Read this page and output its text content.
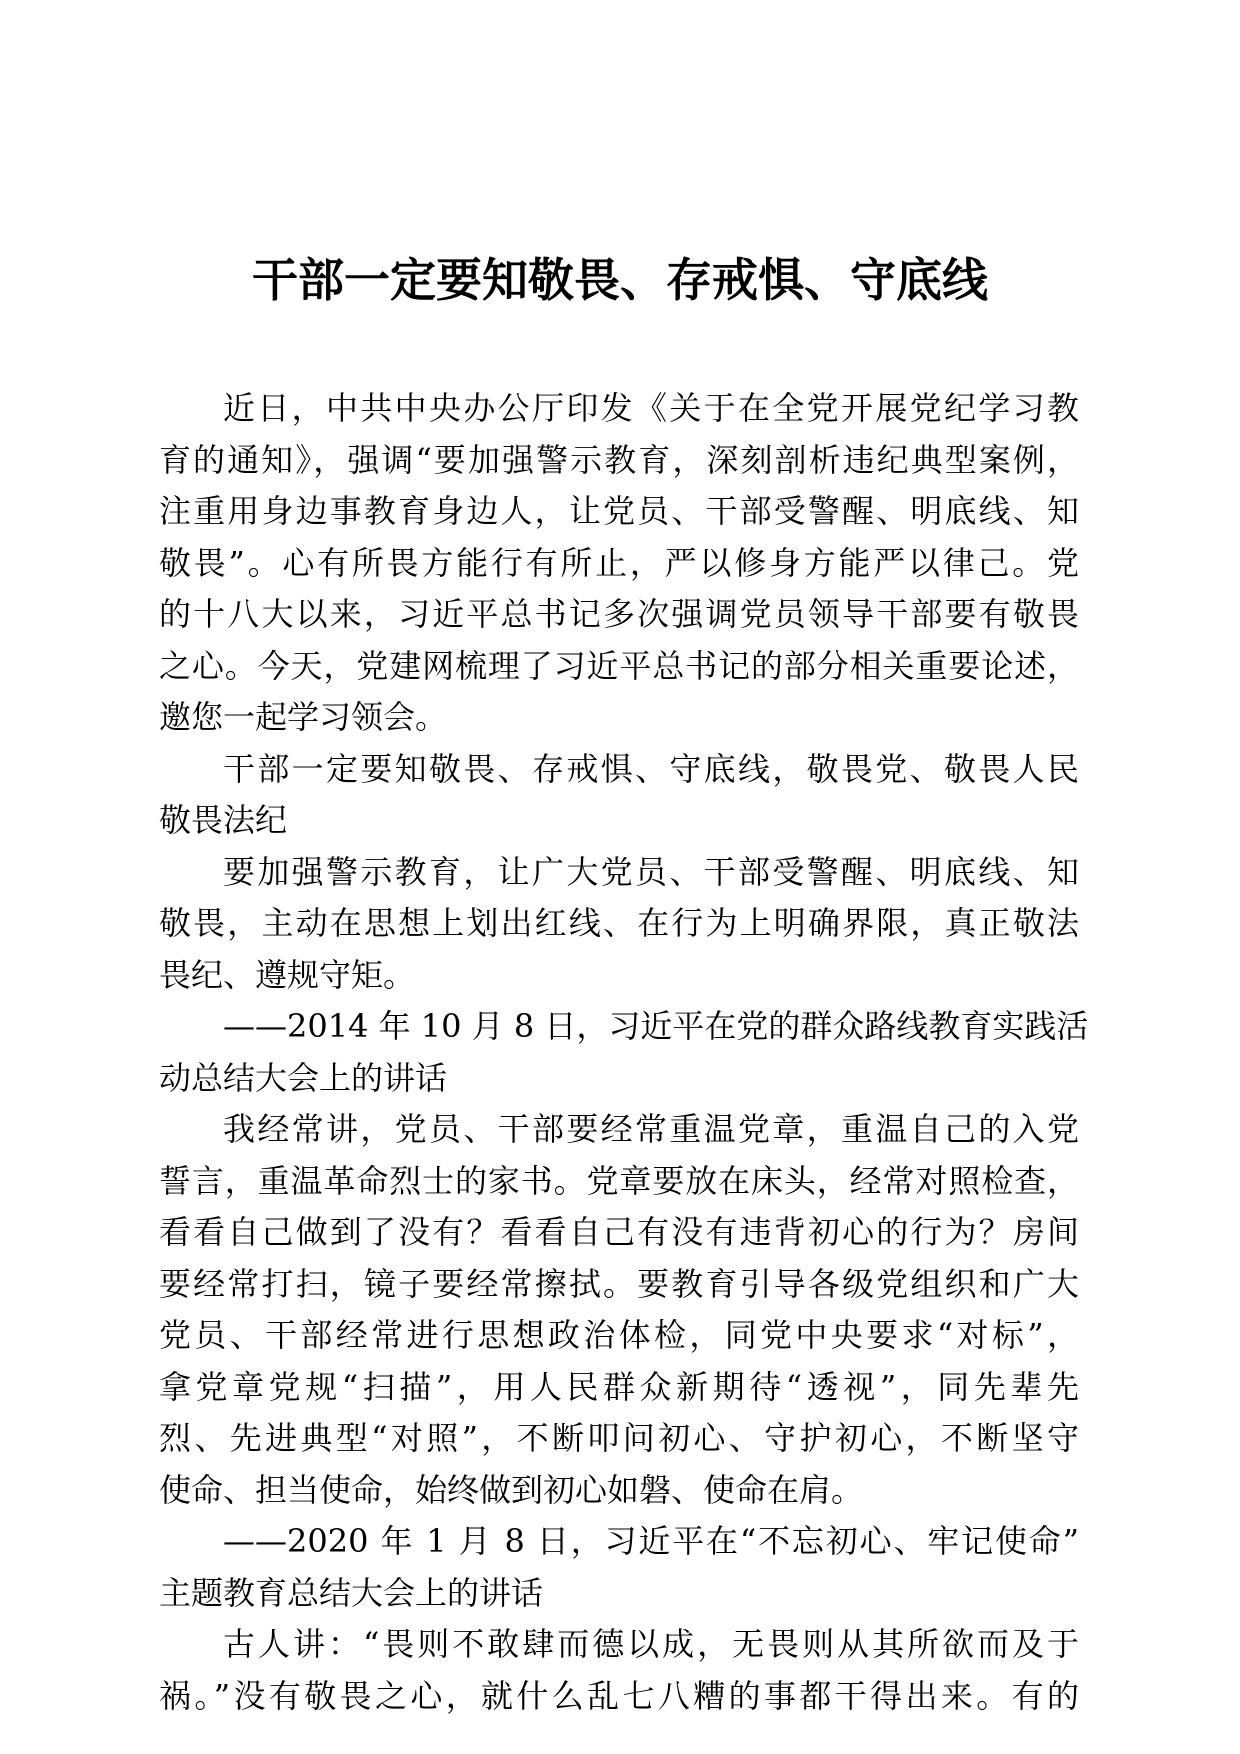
干部一定要知敬畏、存戒惧、守底线
近日，中共中央办公厅印发《关于在全党开展党纪学习教
育的通知》，强调“要加强警示教育，深刻剖析违纪典型案例，
注重用身边事教育身边人，让党员、干部受警醒、明底线、知
敬畏”。心有所畏方能行有所止，严以修身方能严以律己。党
的十八大以来，习近平总书记多次强调党员领导干部要有敬畏
之心。今天，党建网梳理了习近平总书记的部分相关重要论述，
邀您一起学习领会。
干部一定要知敬畏、存戒惧、守底线，敬畏党、敬畏人民
敬畏法纪
要加强警示教育，让广大党员、干部受警醒、明底线、知
敬畏，主动在思想上划出红线、在行为上明确界限，真正敬法
畏纪、遵规守矩。
——2014 年 10 月 8 日，习近平在党的群众路线教育实践活
动总结大会上的讲话
我经常讲，党员、干部要经常重温党章，重温自己的入党
誓言，重温革命烈士的家书。党章要放在床头，经常对照检查，
看看自己做到了没有？看看自己有没有违背初心的行为？房间
要经常打扫，镜子要经常擦拭。要教育引导各级党组织和广大
党员、干部经常进行思想政治体检，同党中央要求“对标”，
拿党章党规“扫描”，用人民群众新期待“透视”，同先辈先
烈、先进典型“对照”，不断叩问初心、守护初心，不断坚守
使命、担当使命，始终做到初心如磐、使命在肩。
——2020 年 1 月 8 日，习近平在“不忘初心、牢记使命”
主题教育总结大会上的讲话
古人讲：“畏则不敢肆而德以成，无畏则从其所欲而及于
祸。”没有敬畏之心，就什么乱七八糟的事都干得出来。有的
